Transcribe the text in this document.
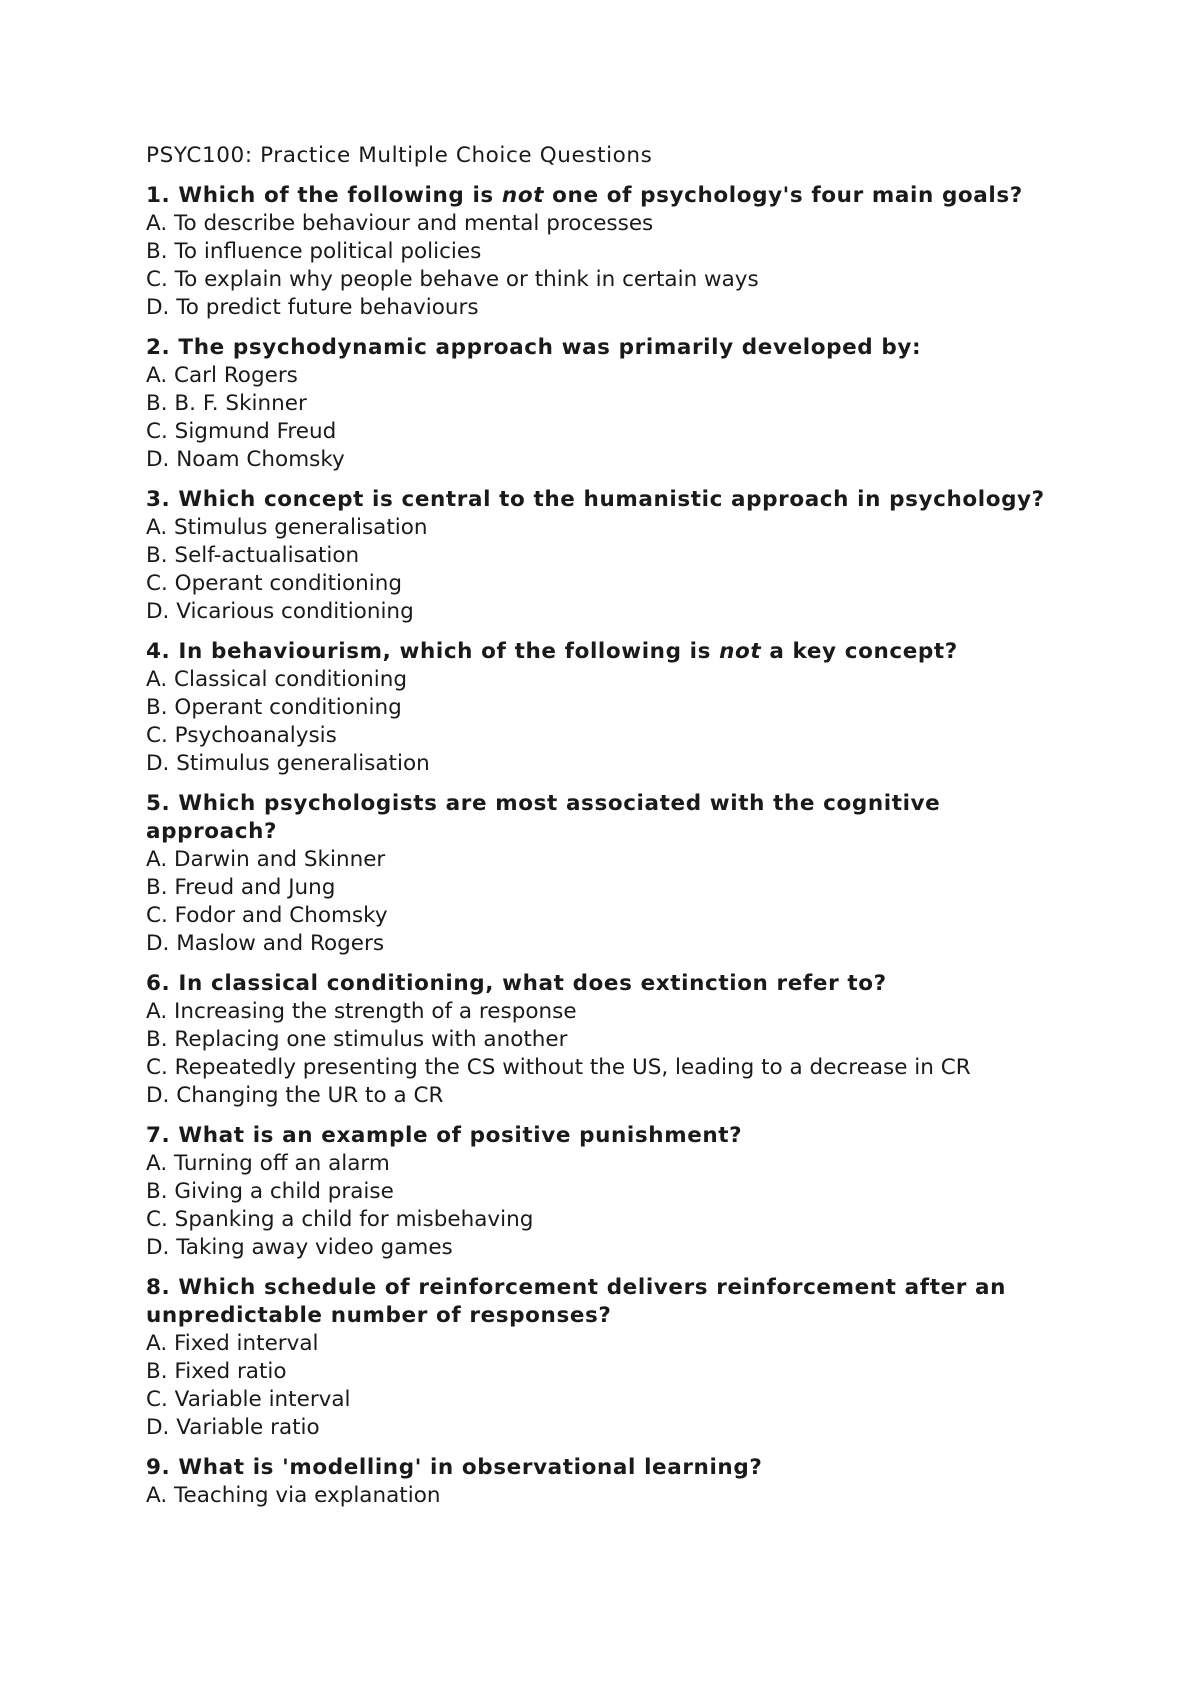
PSYC100: Practice Multiple Choice Questions
1. Which of the following is not one of psychology's four main goals?
A. To describe behaviour and mental processes
B. To influence political policies
C. To explain why people behave or think in certain ways
D. To predict future behaviours
2. The psychodynamic approach was primarily developed by:
A. Carl Rogers
B. B. F. Skinner
C. Sigmund Freud
D. Noam Chomsky
3. Which concept is central to the humanistic approach in psychology?
A. Stimulus generalisation
B. Self-actualisation
C. Operant conditioning
D. Vicarious conditioning
4. In behaviourism, which of the following is not a key concept?
A. Classical conditioning
B. Operant conditioning
C. Psychoanalysis
D. Stimulus generalisation
5. Which psychologists are most associated with the cognitive approach?
A. Darwin and Skinner
B. Freud and Jung
C. Fodor and Chomsky
D. Maslow and Rogers
6. In classical conditioning, what does extinction refer to?
A. Increasing the strength of a response
B. Replacing one stimulus with another
C. Repeatedly presenting the CS without the US, leading to a decrease in CR
D. Changing the UR to a CR
7. What is an example of positive punishment?
A. Turning off an alarm
B. Giving a child praise
C. Spanking a child for misbehaving
D. Taking away video games
8. Which schedule of reinforcement delivers reinforcement after an unpredictable number of responses?
A. Fixed interval
B. Fixed ratio
C. Variable interval
D. Variable ratio
9. What is 'modelling' in observational learning?
A. Teaching via explanation
